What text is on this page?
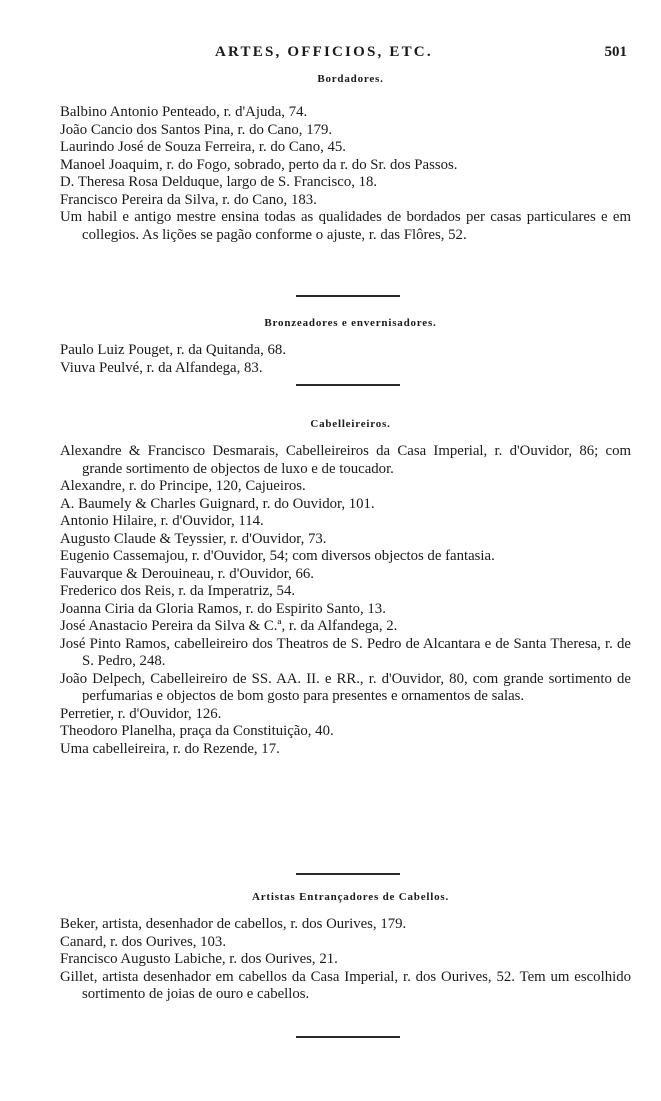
ARTES, OFFICIOS, ETC.	501
Bordadores.
Balbino Antonio Penteado, r. d'Ajuda, 74.
João Cancio dos Santos Pina, r. do Cano, 179.
Laurindo José de Souza Ferreira, r. do Cano, 45.
Manoel Joaquim, r. do Fogo, sobrado, perto da r. do Sr. dos Passos.
D. Theresa Rosa Delduque, largo de S. Francisco, 18.
Francisco Pereira da Silva, r. do Cano, 183.
Um habil e antigo mestre ensina todas as qualidades de bordados per casas particulares e em collegios. As lições se pagão conforme o ajuste, r. das Flôres, 52.
Bronzeadores e envernisadores.
Paulo Luiz Pouget, r. da Quitanda, 68.
Viuva Peulvé, r. da Alfandega, 83.
Cabelleireiros.
Alexandre & Francisco Desmarais, Cabelleireiros da Casa Imperial, r. d'Ouvidor, 86; com grande sortimento de objectos de luxo e de toucador.
Alexandre, r. do Principe, 120, Cajueiros.
A. Baumely & Charles Guignard, r. do Ouvidor, 101.
Antonio Hilaire, r. d'Ouvidor, 114.
Augusto Claude & Teyssier, r. d'Ouvidor, 73.
Eugenio Cassemajou, r. d'Ouvidor, 54; com diversos objectos de fantasia.
Fauvarque & Derouineau, r. d'Ouvidor, 66.
Frederico dos Reis, r. da Imperatriz, 54.
Joanna Ciria da Gloria Ramos, r. do Espirito Santo, 13.
José Anastacio Pereira da Silva & C.ª, r. da Alfandega, 2.
José Pinto Ramos, cabelleireiro dos Theatros de S. Pedro de Alcantara e de Santa Theresa, r. de S. Pedro, 248.
João Delpech, Cabelleireiro de SS. AA. II. e RR., r. d'Ouvidor, 80, com grande sortimento de perfumarias e objectos de bom gosto para presentes e ornamentos de salas.
Perretier, r. d'Ouvidor, 126.
Theodoro Planelha, praça da Constituição, 40.
Uma cabelleireira, r. do Rezende, 17.
Artistas Entrançadores de Cabellos.
Beker, artista, desenhador de cabellos, r. dos Ourives, 179.
Canard, r. dos Ourives, 103.
Francisco Augusto Labiche, r. dos Ourives, 21.
Gillet, artista desenhador em cabellos da Casa Imperial, r. dos Ourives, 52. Tem um escolhido sortimento de joias de ouro e cabellos.
